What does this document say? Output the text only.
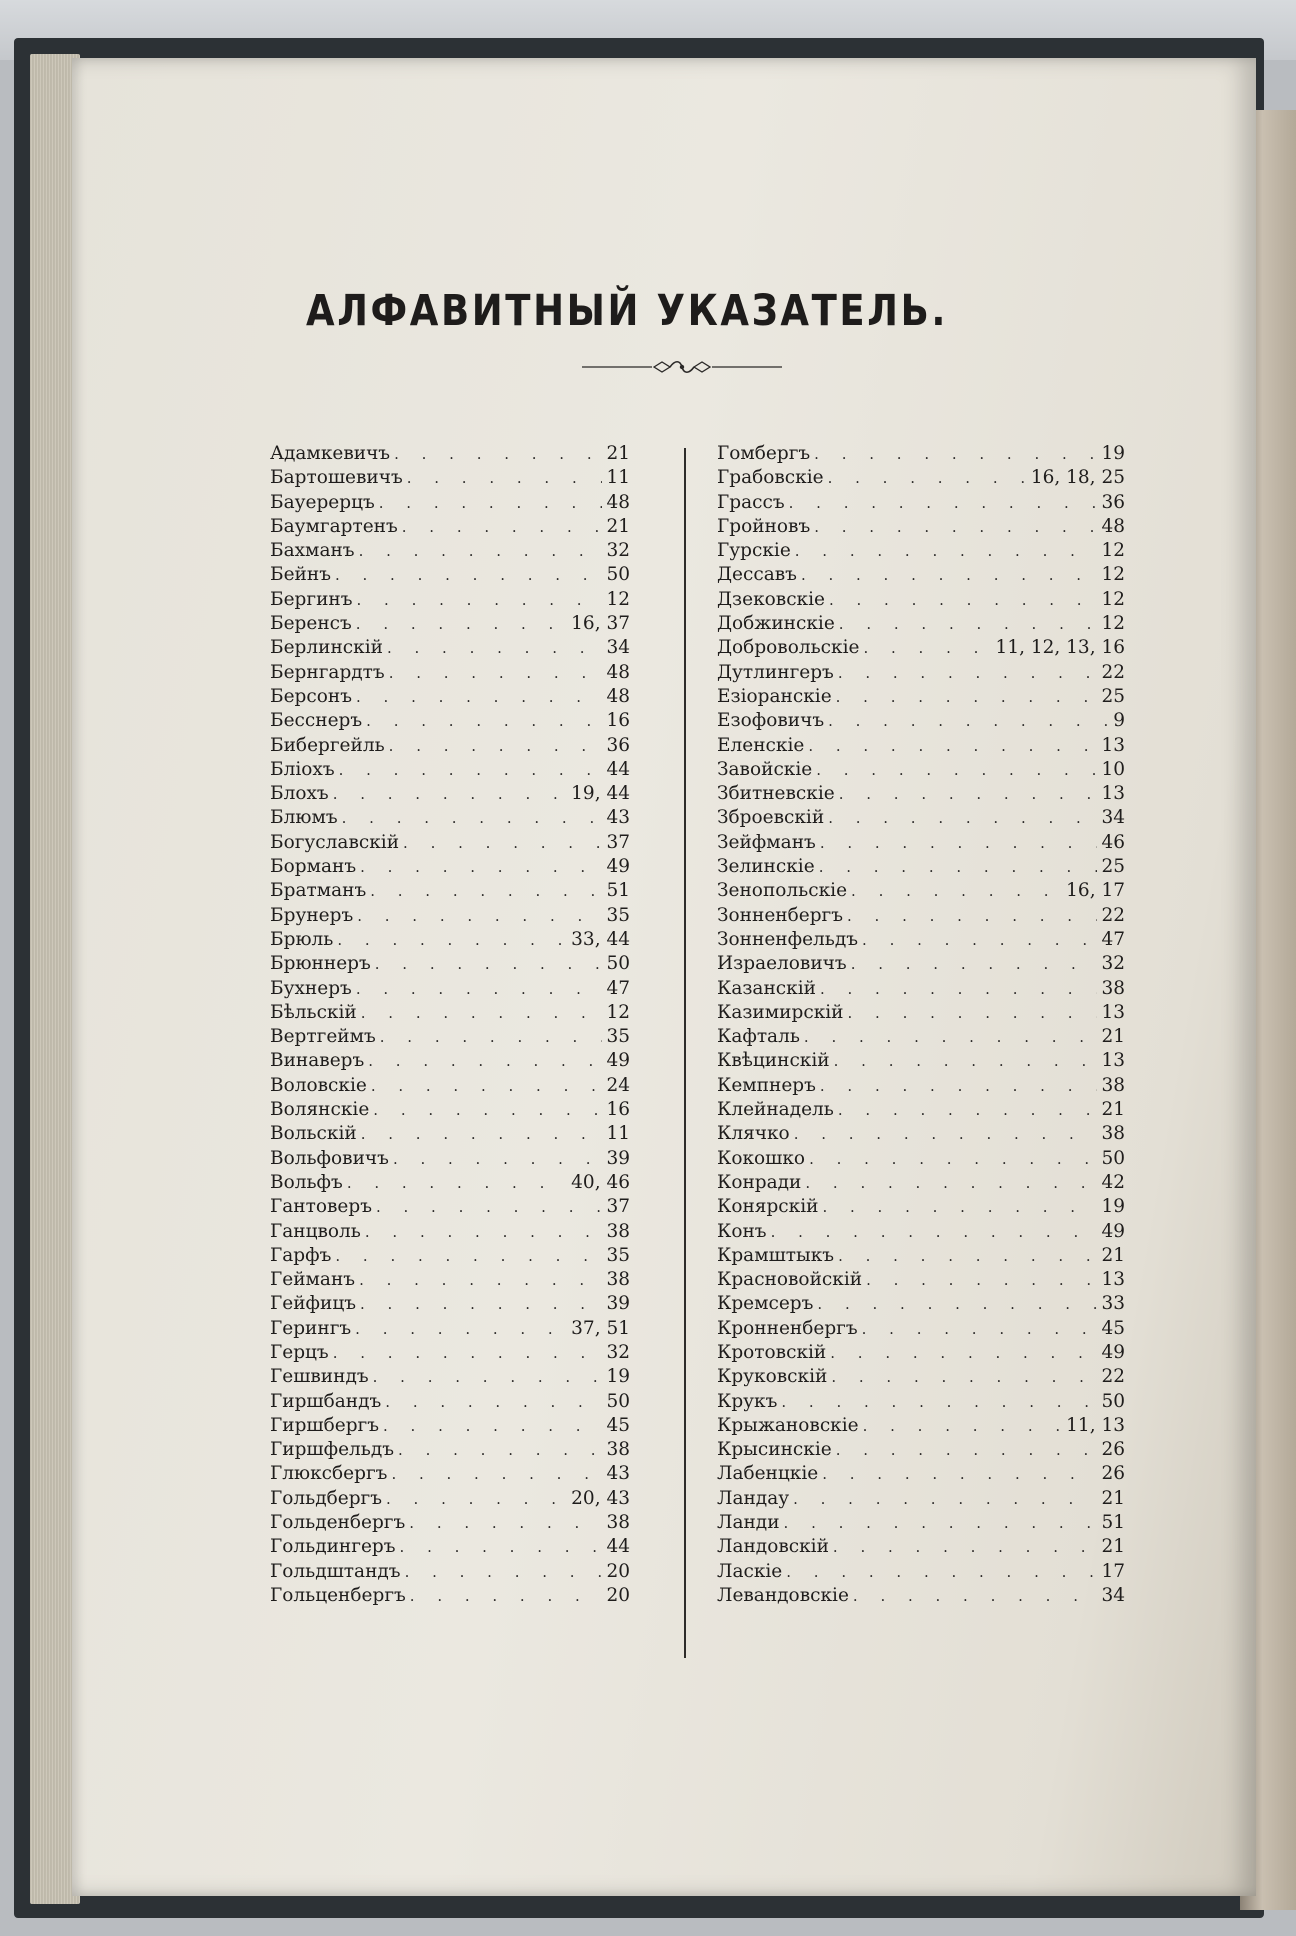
АЛФАВИТНЫЙ УКАЗАТЕЛЬ.
Адамкевичъ . . .	21
Бартошевичъ . . .	11
Бауерерцъ . . .	48
Баумгартенъ . . .	21
Бахманъ . . .	32
Бейнъ . . .	50
Бергинъ . . .	12
Беренсъ . . .	16, 37
Берлинскій . . .	34
Бернгардтъ . . .	48
Берсонъ . . .	48
Бесснеръ . . .	16
Бибергейль . . .	36
Бліохъ . . .	44
Блохъ . . .	19, 44
Блюмъ . . .	43
Богуславскій . . .	37
Борманъ . . .	49
Братманъ . . .	51
Брунеръ . . .	35
Брюль . . .	33, 44
Брюннеръ . . .	50
Бухнеръ . . .	47
Бѣльскій . . .	12
Вертгеймъ . . .	35
Винаверъ . . .	49
Воловскіе . . .	24
Волянскіе . . .	16
Вольскій . . .	11
Вольфовичъ . . .	39
Вольфъ . . .	40, 46
Гантоверъ . . .	37
Ганцволь . . .	38
Гарфъ . . .	35
Гейманъ . . .	38
Гейфицъ . . .	39
Герингъ . . .	37, 51
Герцъ . . .	32
Гешвиндъ . . .	19
Гиршбандъ . . .	50
Гиршбергъ . . .	45
Гиршфельдъ . . .	38
Глюксбергъ . . .	43
Гольдбергъ . . .	20, 43
Гольденбергъ . . .	38
Гольдингеръ . . .	44
Гольдштандъ . . .	20
Гольценбергъ . . .	20
Гомбергъ . . .	19
Грабовскіе . . .	16, 18, 25
Грассъ . . .	36
Гройновъ . . .	48
Гурскіе . . .	12
Дессавъ . . .	12
Дзековскіе . . .	12
Добжинскіе . . .	12
Добровольскіе . . .	11, 12, 13, 16
Дутлингеръ . . .	22
Езіоранскіе . . .	25
Езофовичъ . . .	9
Еленскіе . . .	13
Завойскіе . . .	10
Збитневскіе . . .	13
Зброевскій . . .	34
Зейфманъ . . .	46
Зелинскіе . . .	25
Зенопольскіе . . .	16, 17
Зонненбергъ . . .	22
Зонненфельдъ . . .	47
Израеловичъ . . .	32
Казанскій . . .	38
Казимирскій . . .	13
Кафталь . . .	21
Квѣцинскій . . .	13
Кемпнеръ . . .	38
Клейнадель . . .	21
Клячко . . .	38
Кокошко . . .	50
Конради . . .	42
Конярскій . . .	19
Конъ . . .	49
Крамштыкъ . . .	21
Красновойскій . . .	13
Кремсеръ . . .	33
Кронненбергъ . . .	45
Кротовскій . . .	49
Круковскій . . .	22
Крукъ . . .	50
Крыжановскіе . . .	11, 13
Крысинскіе . . .	26
Лабенцкіе . . .	26
Ландау . . .	21
Ланди . . .	51
Ландовскій . . .	21
Ласкіе . . .	17
Левандовскіе . . .	34
